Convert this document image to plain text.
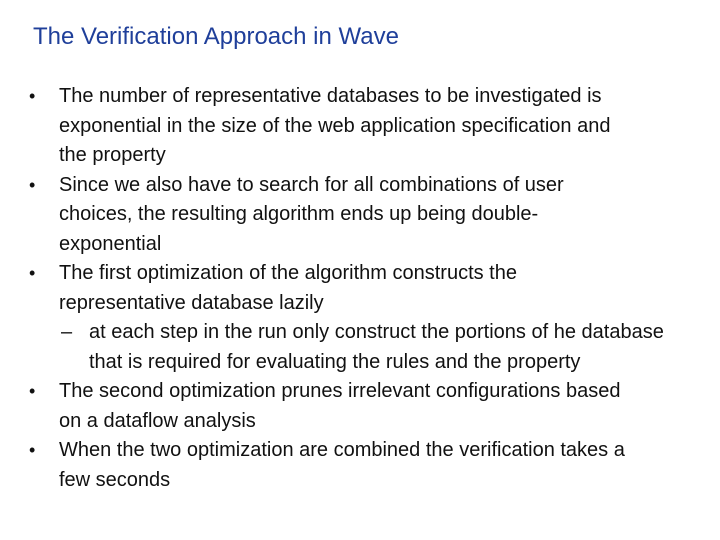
The Verification Approach in Wave
• The number of representative databases to be investigated is exponential in the size of the web application specification and the property
• Since we also have to search for all combinations of user choices, the resulting algorithm ends up being double-exponential
• The first optimization of the algorithm constructs the representative database lazily
– at each step in the run only construct the portions of he database that is required for evaluating the rules and the property
• The second optimization prunes irrelevant configurations based on a dataflow analysis
• When the two optimization are combined the verification takes a few seconds
